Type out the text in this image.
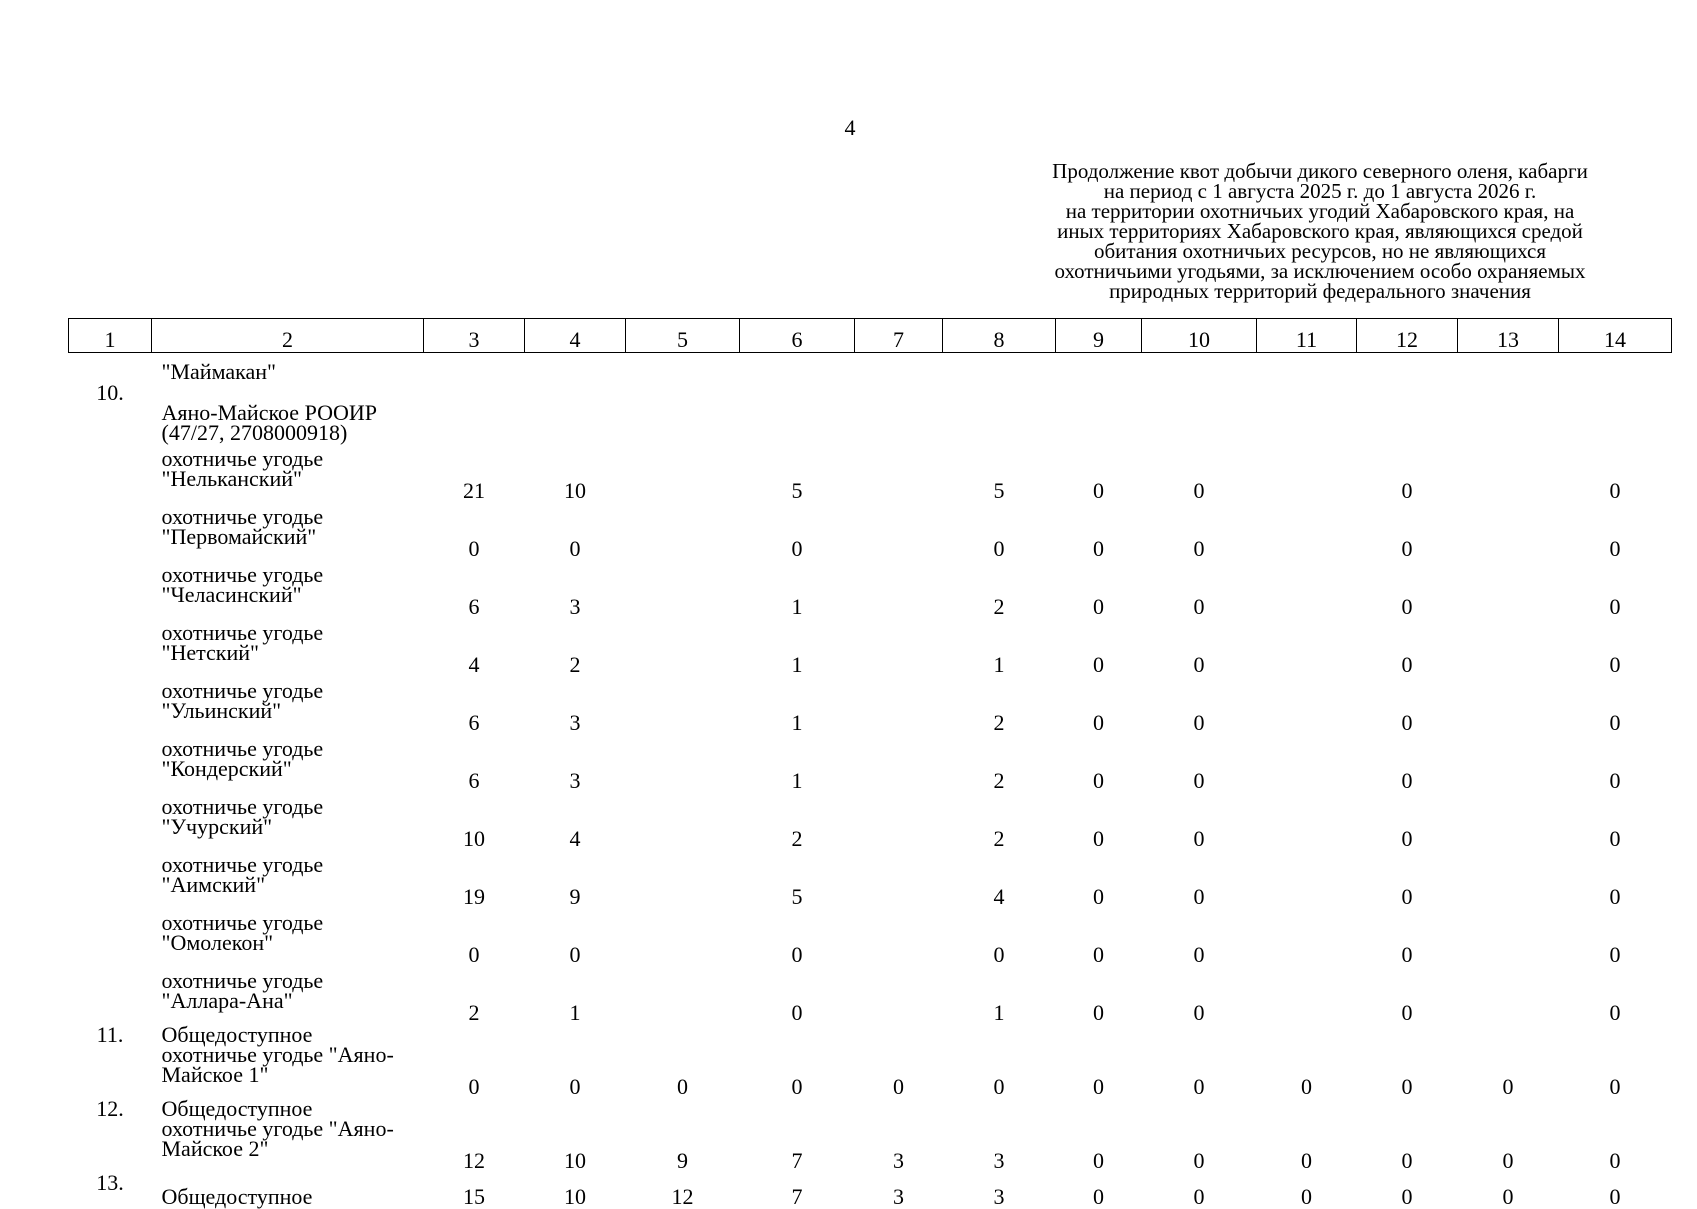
4
Продолжение квот добычи дикого северного оленя, кабарги
на период с 1 августа 2025 г. до 1 августа 2026 г.
на территории охотничьих угодий Хабаровского края, на
иных территориях Хабаровского края, являющихся средой
обитания охотничьих ресурсов, но не являющихся
охотничьими угодьями, за исключением особо охраняемых
природных территорий федерального значения
1	2	3	4	5	6	7	8	9	10	11	12	13	14
	"Маймакан"												
10.	Аяно-Майское РООИР
(47/27, 2708000918)												
	охотничье угодье
"Нельканский"	21	10		5		5	0	0		0		0
	охотничье угодье
"Первомайский"	0	0		0		0	0	0		0		0
	охотничье угодье
"Челасинский"	6	3		1		2	0	0		0		0
	охотничье угодье
"Нетский"	4	2		1		1	0	0		0		0
	охотничье угодье
"Ульинский"	6	3		1		2	0	0		0		0
	охотничье угодье
"Кондерский"	6	3		1		2	0	0		0		0
	охотничье угодье
"Учурский"	10	4		2		2	0	0		0		0
	охотничье угодье
"Аимский"	19	9		5		4	0	0		0		0
	охотничье угодье
"Омолекон"	0	0		0		0	0	0		0		0
	охотничье угодье
"Аллара-Ана"	2	1		0		1	0	0		0		0
11.	Общедоступное
охотничье угодье "Аяно-
Майское 1"	0	0	0	0	0	0	0	0	0	0	0	0
12.	Общедоступное
охотничье угодье "Аяно-
Майское 2"	12	10	9	7	3	3	0	0	0	0	0	0
13.	Общедоступное	15	10	12	7	3	3	0	0	0	0	0	0
